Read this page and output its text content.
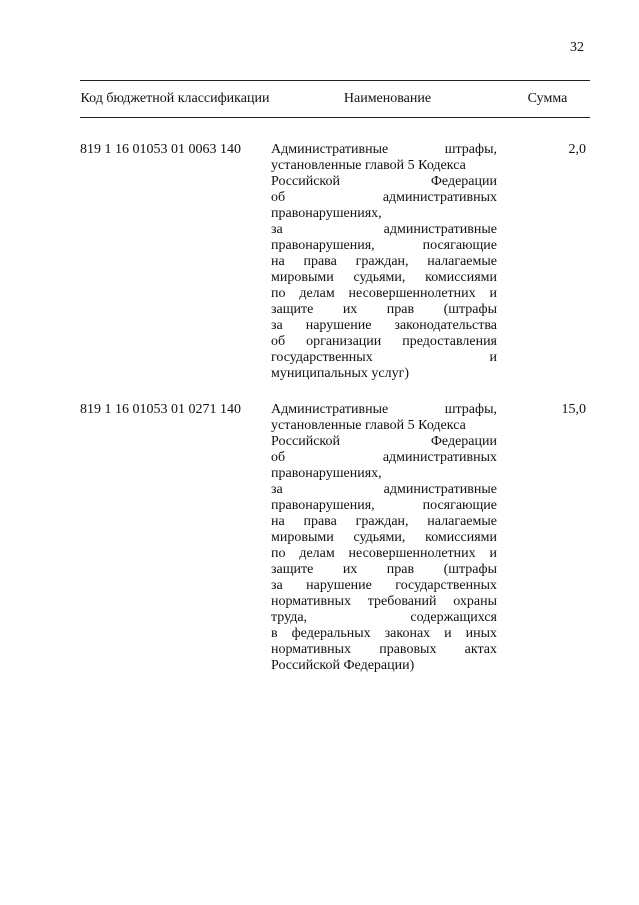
32
Код бюджетной классификации	Наименование	Сумма
819 1 16 01053 01 0063 140 Административные штрафы,
установленные главой 5 Кодекса
Российской Федерации
об административных
правонарушениях,
за административные
правонарушения, посягающие
на права граждан, налагаемые
мировыми судьями, комиссиями
по делам несовершеннолетних и
защите их прав (штрафы
за нарушение законодательства
об организации предоставления
государственных и
муниципальных услуг)
2,0
819 1 16 01053 01 0271 140 Административные штрафы,
установленные главой 5 Кодекса
Российской Федерации
об административных
правонарушениях,
за административные
правонарушения, посягающие
на права граждан, налагаемые
мировыми судьями, комиссиями
по делам несовершеннолетних и
защите их прав (штрафы
за нарушение государственных
нормативных требований охраны
труда, содержащихся
в федеральных законах и иных
нормативных правовых актах
Российской Федерации)
15,0
